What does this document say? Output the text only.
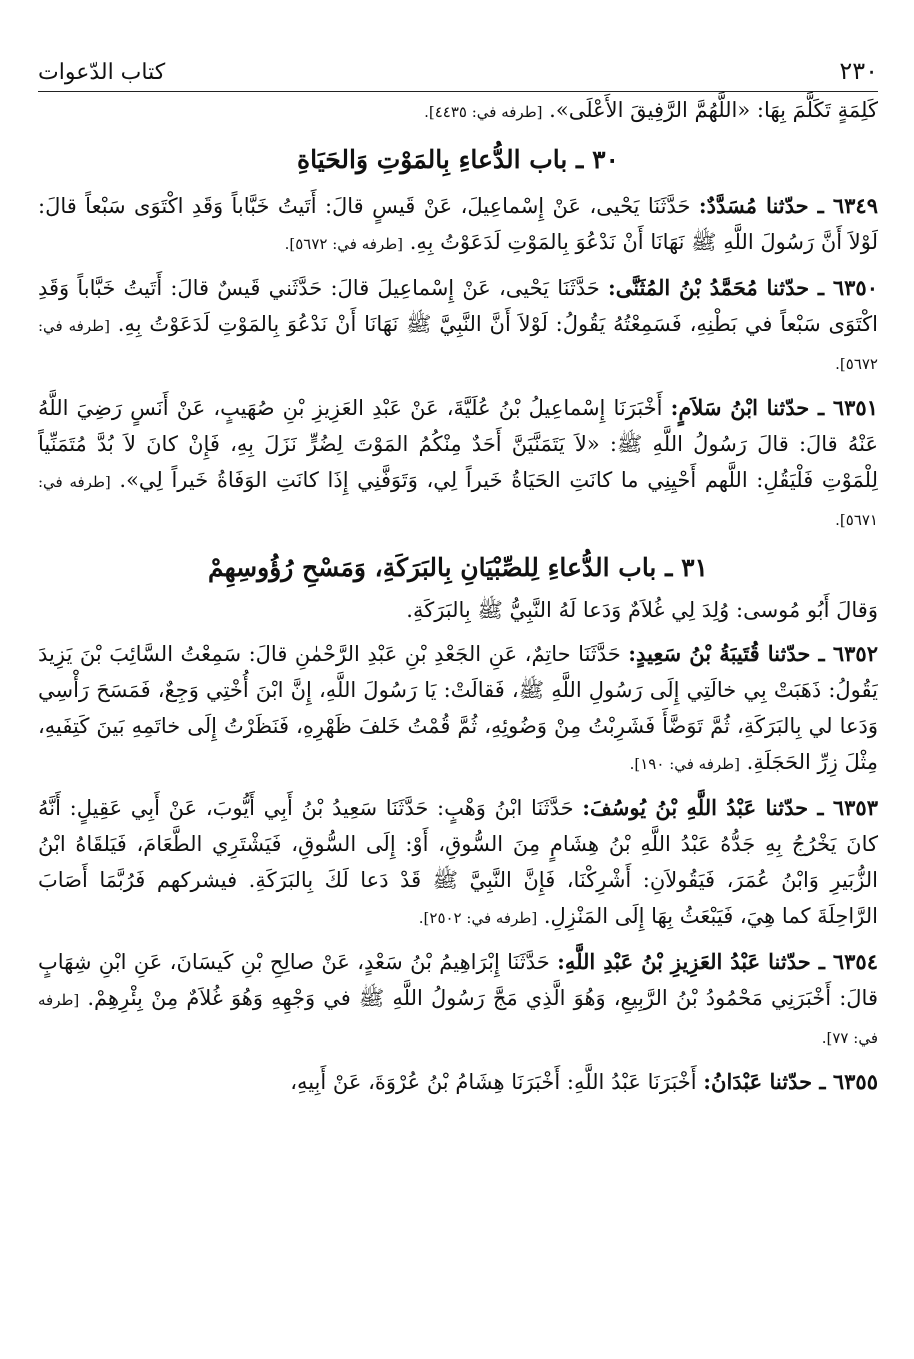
٢٣٠
كتاب الدّعوات

كَلِمَةٍ تَكَلَّمَ بِهَا: «اللَّهُمَّ الرَّفِيقَ الأَعْلَى». [طرفه في: ٤٤٣٥].

٣٠ ـ باب الدُّعاءِ بِالمَوْتِ وَالحَيَاةِ

٦٣٤٩ ـ حدّثنا مُسَدَّدٌ: حَدَّثَنَا يَحْيى، عَنْ إِسْماعِيلَ، عَنْ قَيسٍ قالَ: أَتَيتُ خَبَّاباً وَقَدِ اكْتَوَى سَبْعاً قالَ: لَوْلاَ أَنَّ رَسُولَ اللَّهِ ﷺ نَهَانَا أَنْ نَدْعُوَ بِالمَوْتِ لَدَعَوْتُ بِهِ. [طرفه في: ٥٦٧٢].

٦٣٥٠ ـ حدّثنا مُحَمَّدُ بْنُ المُثَنَّى: حَدَّثَنَا يَحْيى، عَنْ إِسْماعِيلَ قالَ: حَدَّثَني قَيسٌ قالَ: أَتَيتُ خَبَّاباً وَقَدِ اكْتَوَى سَبْعاً في بَطْنِهِ، فَسَمِعْتُهُ يَقُولُ: لَوْلاَ أَنَّ النَّبِيَّ ﷺ نَهَانَا أَنْ نَدْعُوَ بِالمَوْتِ لَدَعَوْتُ بِهِ. [طرفه في: ٥٦٧٢].

٦٣٥١ ـ حدّثنا ابْنُ سَلاَمٍ: أَخْبَرَنَا إِسْماعِيلُ بْنُ عُلَيَّةَ، عَنْ عَبْدِ العَزِيزِ بْنِ صُهَيبٍ، عَنْ أَنَسٍ رَضِيَ اللَّهُ عَنْهُ قالَ: قالَ رَسُولُ اللَّهِ ﷺ: «لاَ يَتَمَنَّيَنَّ أَحَدٌ مِنْكُمُ المَوْتَ لِضُرٍّ نَزَلَ بِهِ، فَإِنْ كانَ لاَ بُدَّ مُتَمَنِّياً لِلْمَوْتِ فَلْيَقُلِ: اللَّهم أَحْيِنِي ما كانَتِ الحَيَاةُ خَيراً لِي، وَتَوَفَّنِي إِذَا كانَتِ الوَفَاةُ خَيراً لِي». [طرفه في: ٥٦٧١].

٣١ ـ باب الدُّعاءِ لِلصِّبْيَانِ بِالبَرَكَةِ، وَمَسْحِ رُؤُوسِهِمْ

وَقالَ أَبُو مُوسى: وُلِدَ لِي غُلاَمٌ وَدَعا لَهُ النَّبِيُّ ﷺ بِالبَرَكَةِ.

٦٣٥٢ ـ حدّثنا قُتَيبَةُ بْنُ سَعِيدٍ: حَدَّثَنَا حاتِمٌ، عَنِ الجَعْدِ بْنِ عَبْدِ الرَّحْمٰنِ قالَ: سَمِعْتُ السَّائِبَ بْنَ يَزِيدَ يَقُولُ: ذَهَبَتْ بِي خالَتِي إِلَى رَسُولِ اللَّهِ ﷺ، فَقالَتْ: يَا رَسُولَ اللَّهِ، إِنَّ ابْنَ أُخْتِي وَجِعٌ، فَمَسَحَ رَأْسِي وَدَعا لي بِالبَرَكَةِ، ثُمَّ تَوَضَّأَ فَشَرِبْتُ مِنْ وَضُوئِهِ، ثُمَّ قُمْتُ خَلفَ ظَهْرِهِ، فَنَظَرْتُ إِلَى خاتَمِهِ بَينَ كَتِفَيهِ، مِثْلَ زِرِّ الحَجَلَةِ. [طرفه في: ١٩٠].

٦٣٥٣ ـ حدّثنا عَبْدُ اللَّهِ بْنُ يُوسُفَ: حَدَّثَنَا ابْنُ وَهْبٍ: حَدَّثَنَا سَعِيدُ بْنُ أَبِي أَيُّوبَ، عَنْ أَبِي عَقِيلٍ: أَنَّهُ كانَ يَخْرُجُ بِهِ جَدُّهُ عَبْدُ اللَّهِ بْنُ هِشَامٍ مِنَ السُّوقِ، أَوْ: إِلَى السُّوقِ، فَيَشْتَرِي الطَّعَامَ، فَيَلقَاهُ ابْنُ الزُّبَيرِ وَابْنُ عُمَرَ، فَيَقُولاَنِ: أَشْرِكْنَا، فَإِنَّ النَّبِيَّ ﷺ قَدْ دَعا لَكَ بِالبَرَكَةِ. فيشركهم فَرُبَّمَا أَصَابَ الرَّاحِلَةَ كما هِيَ، فَيَبْعَثُ بِهَا إِلَى المَنْزِلِ. [طرفه في: ٢٥٠٢].

٦٣٥٤ ـ حدّثنا عَبْدُ العَزِيزِ بْنُ عَبْدِ اللَّهِ: حَدَّثَنَا إِبْرَاهِيمُ بْنُ سَعْدٍ، عَنْ صالِحِ بْنِ كَيسَانَ، عَنِ ابْنِ شِهَابٍ قالَ: أَخْبَرَنِي مَحْمُودُ بْنُ الرَّبِيعِ، وَهُوَ الَّذِي مَجَّ رَسُولُ اللَّهِ ﷺ في وَجْهِهِ وَهُوَ غُلاَمٌ مِنْ بِئْرِهِمْ. [طرفه في: ٧٧].

٦٣٥٥ ـ حدّثنا عَبْدَانُ: أَخْبَرَنَا عَبْدُ اللَّهِ: أَخْبَرَنَا هِشَامُ بْنُ عُرْوَةَ، عَنْ أَبِيهِ،
